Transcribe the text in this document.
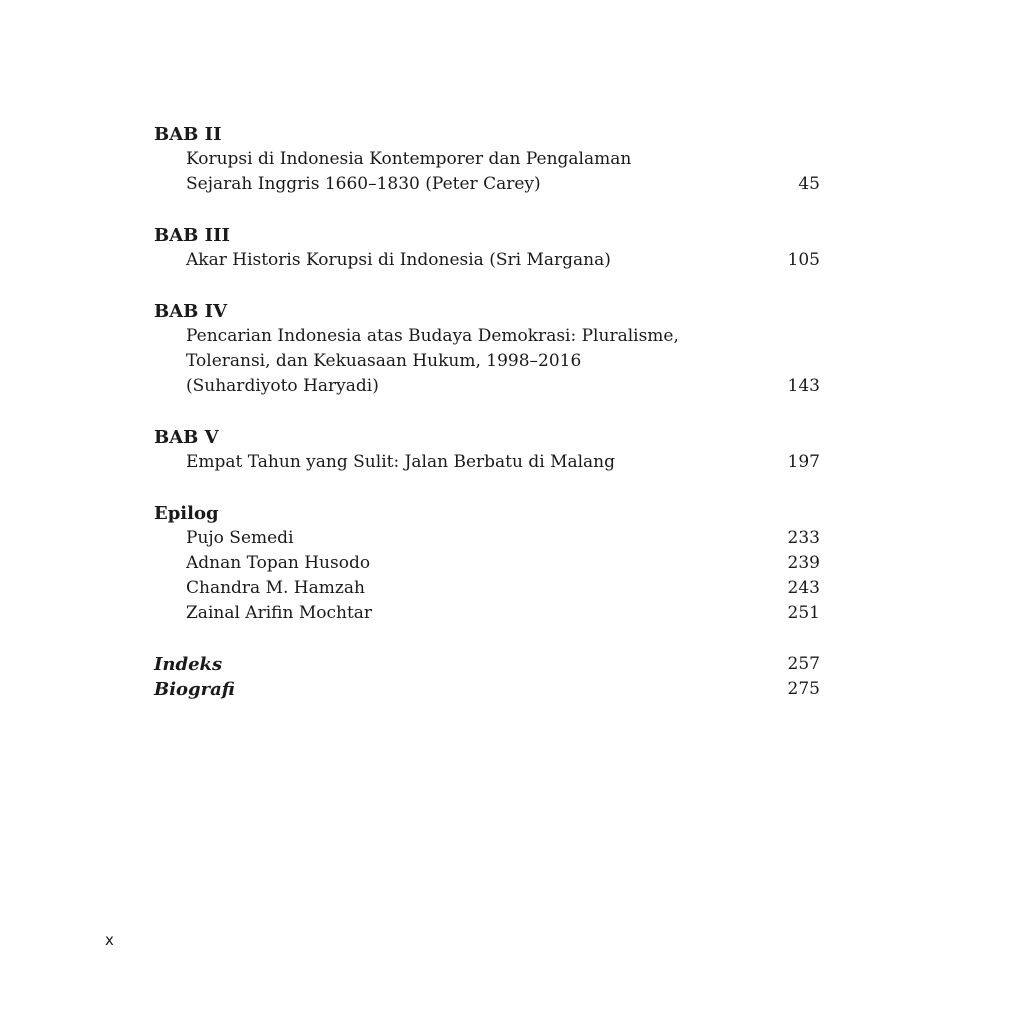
BAB II
Korupsi di Indonesia Kontemporer dan Pengalaman
Sejarah Inggris 1660–1830 (Peter Carey)	45
BAB III
Akar Historis Korupsi di Indonesia (Sri Margana)	105
BAB IV
Pencarian Indonesia atas Budaya Demokrasi: Pluralisme,
Toleransi, dan Kekuasaan Hukum, 1998–2016
(Suhardiyoto Haryadi)	143
BAB V
Empat Tahun yang Sulit: Jalan Berbatu di Malang	197
Epilog
Pujo Semedi	233
Adnan Topan Husodo	239
Chandra M. Hamzah	243
Zainal Arifin Mochtar	251
Indeks	257
Biografi	275
x
